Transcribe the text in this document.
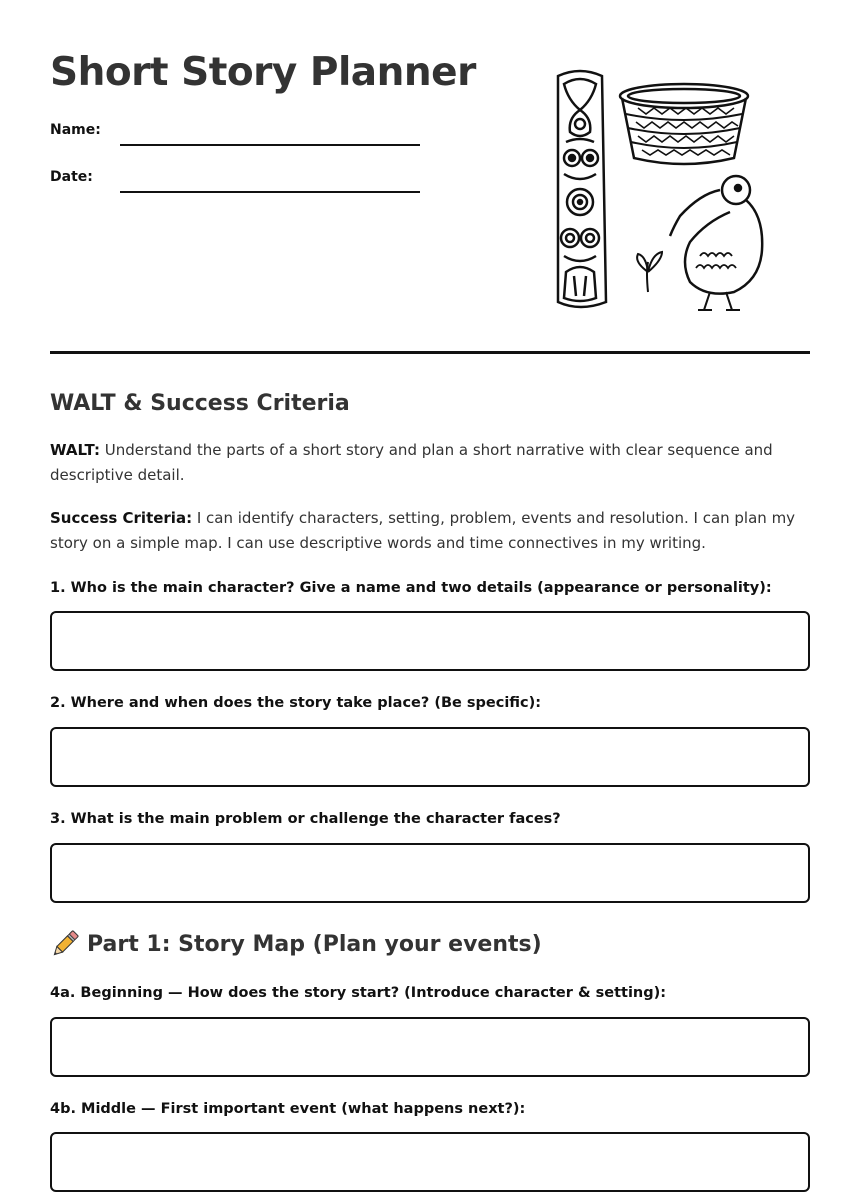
Short Story Planner
Name:
Date:
WALT & Success Criteria

WALT: Understand the parts of a short story and plan a short narrative with clear sequence and descriptive detail.

Success Criteria: I can identify characters, setting, problem, events and resolution. I can plan my story on a simple map. I can use descriptive words and time connectives in my writing.

1. Who is the main character? Give a name and two details (appearance or personality):

2. Where and when does the story take place? (Be specific):

3. What is the main problem or challenge the character faces?

Part 1: Story Map (Plan your events)

4a. Beginning — How does the story start? (Introduce character & setting):

4b. Middle — First important event (what happens next?):
